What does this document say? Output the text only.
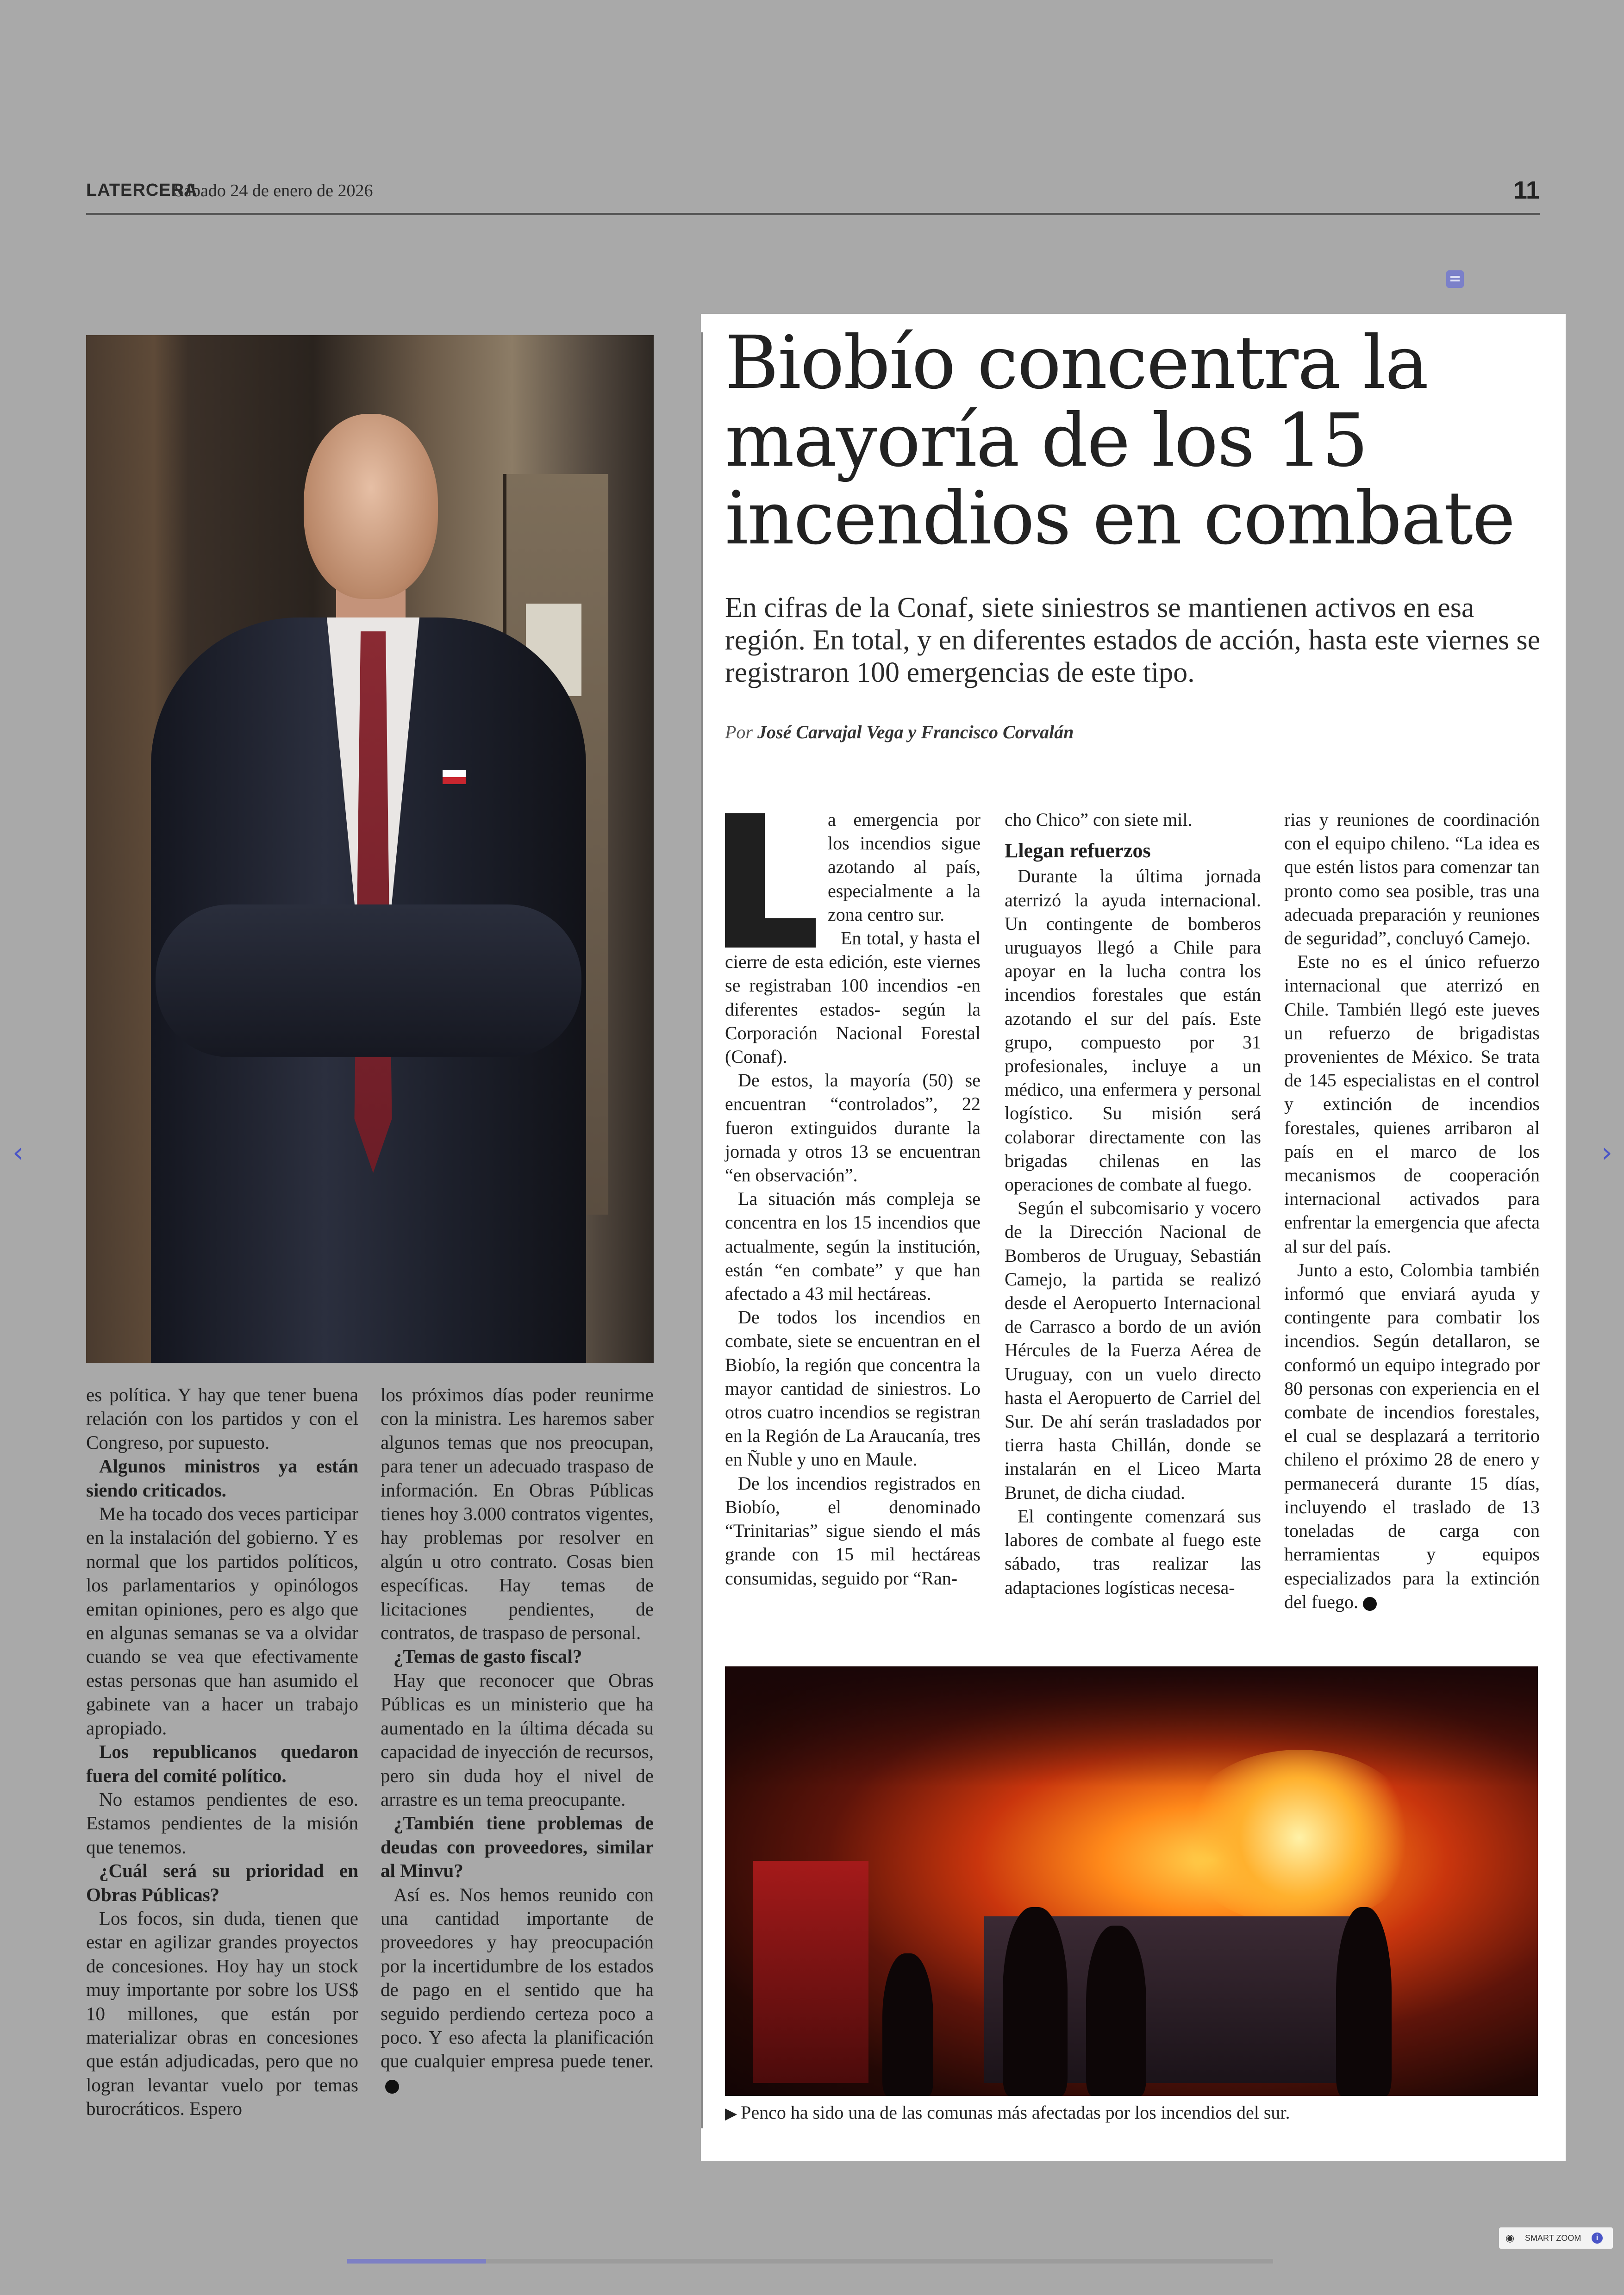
LATERCERA
Sábado 24 de enero de 2026	11

es política. Y hay que tener buena relación con los partidos y con el Congreso, por supuesto.

Algunos ministros ya están siendo criticados.

Me ha tocado dos veces participar en la instalación del gobierno. Y es normal que los partidos políticos, los parlamentarios y opinólogos emitan opiniones, pero es algo que en algunas semanas se va a olvidar cuando se vea que efectivamente estas personas que han asumido el gabinete van a hacer un trabajo apropiado.

Los republicanos quedaron fuera del comité político.

No estamos pendientes de eso. Estamos pendientes de la misión que tenemos.

¿Cuál será su prioridad en Obras Públicas?

Los focos, sin duda, tienen que estar en agilizar grandes proyectos de concesiones. Hoy hay un stock muy importante por sobre los US$ 10 millones, que están por materializar obras en concesiones que están adjudicadas, pero que no logran levantar vuelo por temas burocráticos. Espero

los próximos días poder reunirme con la ministra. Les haremos saber algunos temas que nos preocupan, para tener un adecuado traspaso de información. En Obras Públicas tienes hoy 3.000 contratos vigentes, hay problemas por resolver en algún u otro contrato. Cosas bien específicas. Hay temas de licitaciones pendientes, de contratos, de traspaso de personal.

¿Temas de gasto fiscal?

Hay que reconocer que Obras Públicas es un ministerio que ha aumentado en la última década su capacidad de inyección de recursos, pero sin duda hoy el nivel de arrastre es un tema preocupante.

¿También tiene problemas de deudas con proveedores, similar al Minvu?

Así es. Nos hemos reunido con una cantidad importante de proveedores y hay preocupación por la incertidumbre de los estados de pago en el sentido que ha seguido perdiendo certeza poco a poco. Y eso afecta la planificación que cualquier empresa puede tener.

Biobío concentra la mayoría de los 15 incendios en combate
En cifras de la Conaf, siete siniestros se mantienen activos en esa región. En total, y en diferentes estados de acción, hasta este viernes se registraron 100 emergencias de este tipo.
Por José Carvajal Vega y Francisco Corvalán

a emergencia por los incendios sigue azotando al país, especialmente a la zona centro sur.

En total, y hasta el cierre de esta edición, este viernes se registraban 100 incendios -en diferentes estados- según la Corporación Nacional Forestal (Conaf).

De estos, la mayoría (50) se encuentran “controlados”, 22 fueron extinguidos durante la jornada y otros 13 se encuentran “en observación”.

La situación más compleja se concentra en los 15 incendios que actualmente, según la institución, están “en combate” y que han afectado a 43 mil hectáreas.

De todos los incendios en combate, siete se encuentran en el Biobío, la región que concentra la mayor cantidad de siniestros. Lo otros cuatro incendios se registran en la Región de La Araucanía, tres en Ñuble y uno en Maule.

De los incendios registrados en Biobío, el denominado “Trinitarias” sigue siendo el más grande con 15 mil hectáreas consumidas, seguido por “Ran-

cho Chico” con siete mil.

Llegan refuerzos

Durante la última jornada aterrizó la ayuda internacional. Un contingente de bomberos uruguayos llegó a Chile para apoyar en la lucha contra los incendios forestales que están azotando el sur del país. Este grupo, compuesto por 31 profesionales, incluye a un médico, una enfermera y personal logístico. Su misión será colaborar directamente con las brigadas chilenas en las operaciones de combate al fuego.

Según el subcomisario y vocero de la Dirección Nacional de Bomberos de Uruguay, Sebastián Camejo, la partida se realizó desde el Aeropuerto Internacional de Carrasco a bordo de un avión Hércules de la Fuerza Aérea de Uruguay, con un vuelo directo hasta el Aeropuerto de Carriel del Sur. De ahí serán trasladados por tierra hasta Chillán, donde se instalarán en el Liceo Marta Brunet, de dicha ciudad.

El contingente comenzará sus labores de combate al fuego este sábado, tras realizar las adaptaciones logísticas necesa-

rias y reuniones de coordinación con el equipo chileno. “La idea es que estén listos para comenzar tan pronto como sea posible, tras una adecuada preparación y reuniones de seguridad”, concluyó Camejo.

Este no es el único refuerzo internacional que aterrizó en Chile. También llegó este jueves un refuerzo de brigadistas provenientes de México. Se trata de 145 especialistas en el control y extinción de incendios forestales, quienes arribaron al país en el marco de los mecanismos de cooperación internacional activados para enfrentar la emergencia que afecta al sur del país.

Junto a esto, Colombia también informó que enviará ayuda y contingente para combatir los incendios. Según detallaron, se conformó un equipo integrado por 80 personas con experiencia en el combate de incendios forestales, el cual se desplazará a territorio chileno el próximo 28 de enero y permanecerá durante 15 días, incluyendo el traslado de 13 toneladas de carga con herramientas y equipos especializados para la extinción del fuego.

▶ Penco ha sido una de las comunas más afectadas por los incendios del sur.
‹	›
◉ SMART ZOOM	i
